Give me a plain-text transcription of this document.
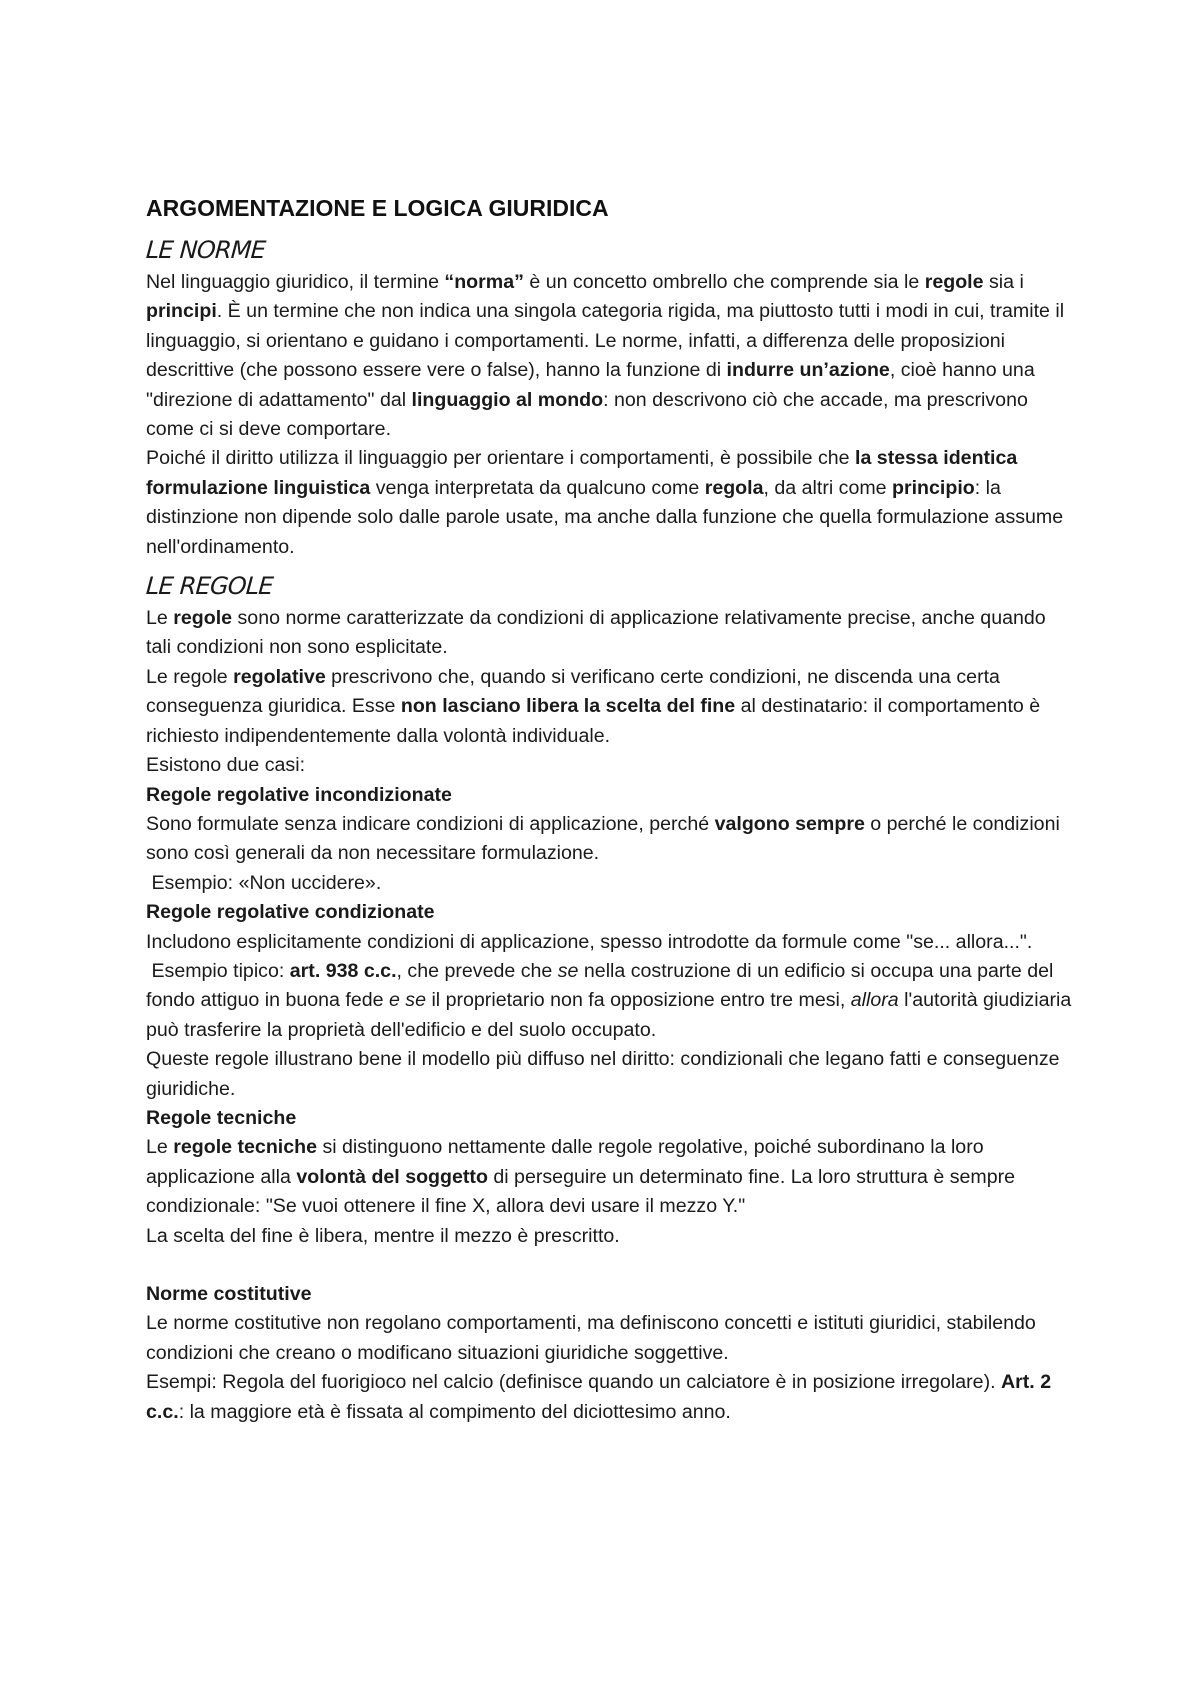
ARGOMENTAZIONE E LOGICA GIURIDICA
LE NORME

Nel linguaggio giuridico, il termine “norma” è un concetto ombrello che comprende sia le regole sia i principi. È un termine che non indica una singola categoria rigida, ma piuttosto tutti i modi in cui, tramite il linguaggio, si orientano e guidano i comportamenti. Le norme, infatti, a differenza delle proposizioni descrittive (che possono essere vere o false), hanno la funzione di indurre un’azione, cioè hanno una "direzione di adattamento" dal linguaggio al mondo: non descrivono ciò che accade, ma prescrivono come ci si deve comportare.

Poiché il diritto utilizza il linguaggio per orientare i comportamenti, è possibile che la stessa identica formulazione linguistica venga interpretata da qualcuno come regola, da altri come principio: la distinzione non dipende solo dalle parole usate, ma anche dalla funzione che quella formulazione assume nell'ordinamento.

LE REGOLE

Le regole sono norme caratterizzate da condizioni di applicazione relativamente precise, anche quando tali condizioni non sono esplicitate.

Le regole regolative prescrivono che, quando si verificano certe condizioni, ne discenda una certa conseguenza giuridica. Esse non lasciano libera la scelta del fine al destinatario: il comportamento è richiesto indipendentemente dalla volontà individuale.

Esistono due casi:

Regole regolative incondizionate

Sono formulate senza indicare condizioni di applicazione, perché valgono sempre o perché le condizioni sono così generali da non necessitare formulazione.

Esempio: «Non uccidere».

Regole regolative condizionate

Includono esplicitamente condizioni di applicazione, spesso introdotte da formule come "se... allora...".

Esempio tipico: art. 938 c.c., che prevede che se nella costruzione di un edificio si occupa una parte del fondo attiguo in buona fede e se il proprietario non fa opposizione entro tre mesi, allora l'autorità giudiziaria può trasferire la proprietà dell'edificio e del suolo occupato.

Queste regole illustrano bene il modello più diffuso nel diritto: condizionali che legano fatti e conseguenze giuridiche.

Regole tecniche

Le regole tecniche si distinguono nettamente dalle regole regolative, poiché subordinano la loro applicazione alla volontà del soggetto di perseguire un determinato fine. La loro struttura è sempre condizionale: "Se vuoi ottenere il fine X, allora devi usare il mezzo Y."

La scelta del fine è libera, mentre il mezzo è prescritto.

Norme costitutive

Le norme costitutive non regolano comportamenti, ma definiscono concetti e istituti giuridici, stabilendo condizioni che creano o modificano situazioni giuridiche soggettive.

Esempi: Regola del fuorigioco nel calcio (definisce quando un calciatore è in posizione irregolare). Art. 2 c.c.: la maggiore età è fissata al compimento del diciottesimo anno.
